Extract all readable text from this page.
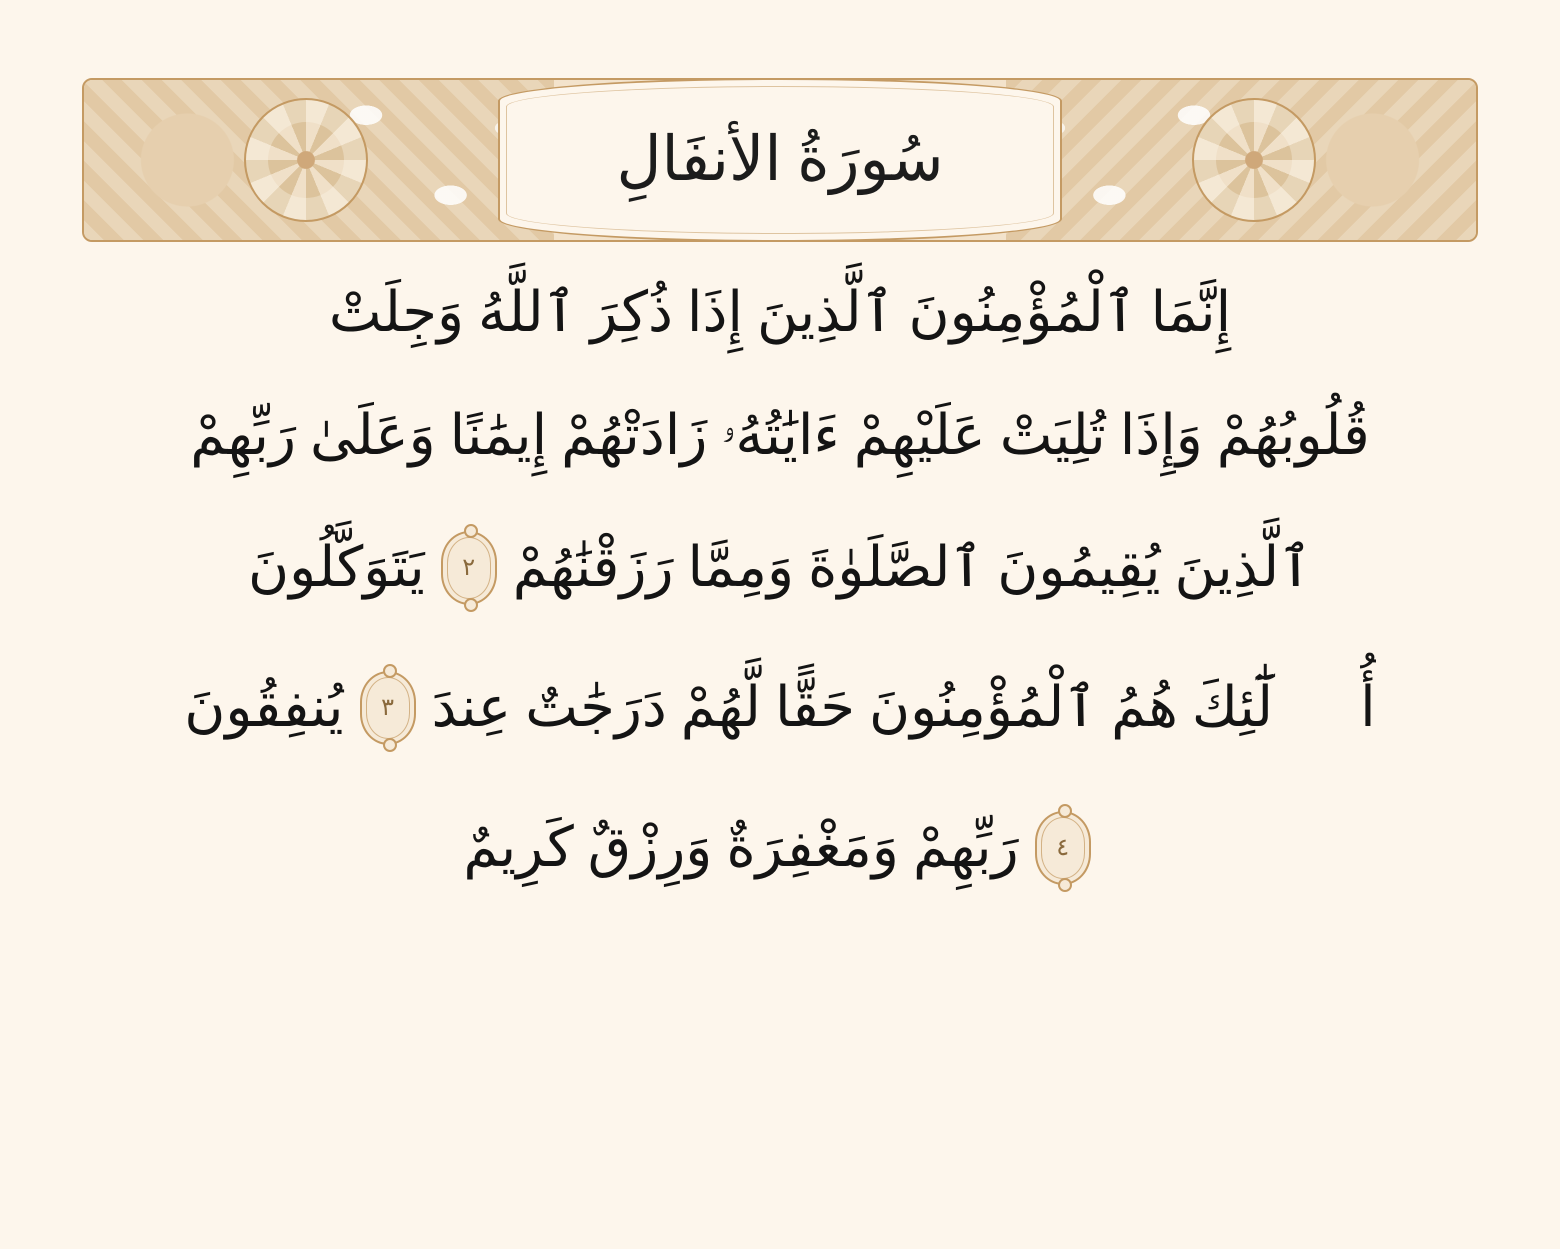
سُورَةُ الأنفَالِ
إِنَّمَا ٱلْمُؤْمِنُونَ ٱلَّذِينَ إِذَا ذُكِرَ ٱللَّهُ وَجِلَتْ
قُلُوبُهُمْ وَإِذَا تُلِيَتْ عَلَيْهِمْ ءَايَٰتُهُۥ زَادَتْهُمْ إِيمَٰنًا وَعَلَىٰ رَبِّهِمْ
ٱلَّذِينَ يُقِيمُونَ ٱلصَّلَوٰةَ وَمِمَّا رَزَقْنَٰهُمْ
٢
يَتَوَكَّلُونَ
أُو۟لَٰٓئِكَ هُمُ ٱلْمُؤْمِنُونَ حَقًّا لَّهُمْ دَرَجَٰتٌ عِندَ
٣
يُنفِقُونَ
٤
رَبِّهِمْ وَمَغْفِرَةٌ وَرِزْقٌ كَرِيمٌ
